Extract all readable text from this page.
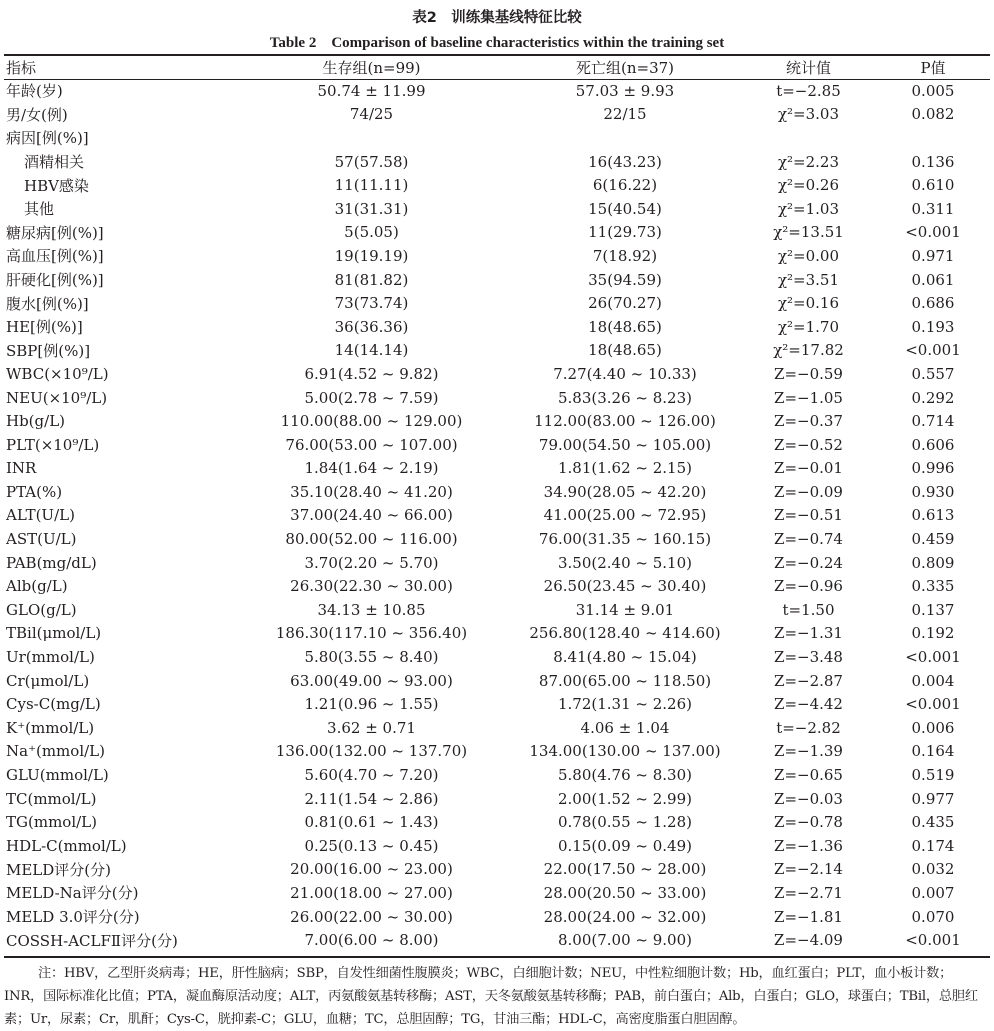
表2　训练集基线特征比较
Table 2　Comparison of baseline characteristics within the training set
指标	生存组(n=99)	死亡组(n=37)	统计值	P值
年龄(岁)	50.74 ± 11.99	57.03 ± 9.93	t=−2.85	0.005
男/女(例)	74/25	22/15	χ²=3.03	0.082
病因[例(%)]				
酒精相关	57(57.58)	16(43.23)	χ²=2.23	0.136
HBV感染	11(11.11)	6(16.22)	χ²=0.26	0.610
其他	31(31.31)	15(40.54)	χ²=1.03	0.311
糖尿病[例(%)]	5(5.05)	11(29.73)	χ²=13.51	<0.001
高血压[例(%)]	19(19.19)	7(18.92)	χ²=0.00	0.971
肝硬化[例(%)]	81(81.82)	35(94.59)	χ²=3.51	0.061
腹水[例(%)]	73(73.74)	26(70.27)	χ²=0.16	0.686
HE[例(%)]	36(36.36)	18(48.65)	χ²=1.70	0.193
SBP[例(%)]	14(14.14)	18(48.65)	χ²=17.82	<0.001
WBC(×10⁹/L)	6.91(4.52 ~ 9.82)	7.27(4.40 ~ 10.33)	Z=−0.59	0.557
NEU(×10⁹/L)	5.00(2.78 ~ 7.59)	5.83(3.26 ~ 8.23)	Z=−1.05	0.292
Hb(g/L)	110.00(88.00 ~ 129.00)	112.00(83.00 ~ 126.00)	Z=−0.37	0.714
PLT(×10⁹/L)	76.00(53.00 ~ 107.00)	79.00(54.50 ~ 105.00)	Z=−0.52	0.606
INR	1.84(1.64 ~ 2.19)	1.81(1.62 ~ 2.15)	Z=−0.01	0.996
PTA(%)	35.10(28.40 ~ 41.20)	34.90(28.05 ~ 42.20)	Z=−0.09	0.930
ALT(U/L)	37.00(24.40 ~ 66.00)	41.00(25.00 ~ 72.95)	Z=−0.51	0.613
AST(U/L)	80.00(52.00 ~ 116.00)	76.00(31.35 ~ 160.15)	Z=−0.74	0.459
PAB(mg/dL)	3.70(2.20 ~ 5.70)	3.50(2.40 ~ 5.10)	Z=−0.24	0.809
Alb(g/L)	26.30(22.30 ~ 30.00)	26.50(23.45 ~ 30.40)	Z=−0.96	0.335
GLO(g/L)	34.13 ± 10.85	31.14 ± 9.01	t=1.50	0.137
TBil(μmol/L)	186.30(117.10 ~ 356.40)	256.80(128.40 ~ 414.60)	Z=−1.31	0.192
Ur(mmol/L)	5.80(3.55 ~ 8.40)	8.41(4.80 ~ 15.04)	Z=−3.48	<0.001
Cr(μmol/L)	63.00(49.00 ~ 93.00)	87.00(65.00 ~ 118.50)	Z=−2.87	0.004
Cys-C(mg/L)	1.21(0.96 ~ 1.55)	1.72(1.31 ~ 2.26)	Z=−4.42	<0.001
K⁺(mmol/L)	3.62 ± 0.71	4.06 ± 1.04	t=−2.82	0.006
Na⁺(mmol/L)	136.00(132.00 ~ 137.70)	134.00(130.00 ~ 137.00)	Z=−1.39	0.164
GLU(mmol/L)	5.60(4.70 ~ 7.20)	5.80(4.76 ~ 8.30)	Z=−0.65	0.519
TC(mmol/L)	2.11(1.54 ~ 2.86)	2.00(1.52 ~ 2.99)	Z=−0.03	0.977
TG(mmol/L)	0.81(0.61 ~ 1.43)	0.78(0.55 ~ 1.28)	Z=−0.78	0.435
HDL-C(mmol/L)	0.25(0.13 ~ 0.45)	0.15(0.09 ~ 0.49)	Z=−1.36	0.174
MELD评分(分)	20.00(16.00 ~ 23.00)	22.00(17.50 ~ 28.00)	Z=−2.14	0.032
MELD-Na评分(分)	21.00(18.00 ~ 27.00)	28.00(20.50 ~ 33.00)	Z=−2.71	0.007
MELD 3.0评分(分)	26.00(22.00 ~ 30.00)	28.00(24.00 ~ 32.00)	Z=−1.81	0.070
COSSH-ACLFⅡ评分(分)	7.00(6.00 ~ 8.00)	8.00(7.00 ~ 9.00)	Z=−4.09	<0.001
注：HBV，乙型肝炎病毒；HE，肝性脑病；SBP，自发性细菌性腹膜炎；WBC，白细胞计数；NEU，中性粒细胞计数；Hb，血红蛋白；PLT，血小板计数；INR，国际标准化比值；PTA，凝血酶原活动度；ALT，丙氨酸氨基转移酶；AST，天冬氨酸氨基转移酶；PAB，前白蛋白；Alb，白蛋白；GLO，球蛋白；TBil，总胆红素；Ur，尿素；Cr，肌酐；Cys-C，胱抑素-C；GLU，血糖；TC，总胆固醇；TG，甘油三酯；HDL-C，高密度脂蛋白胆固醇。
